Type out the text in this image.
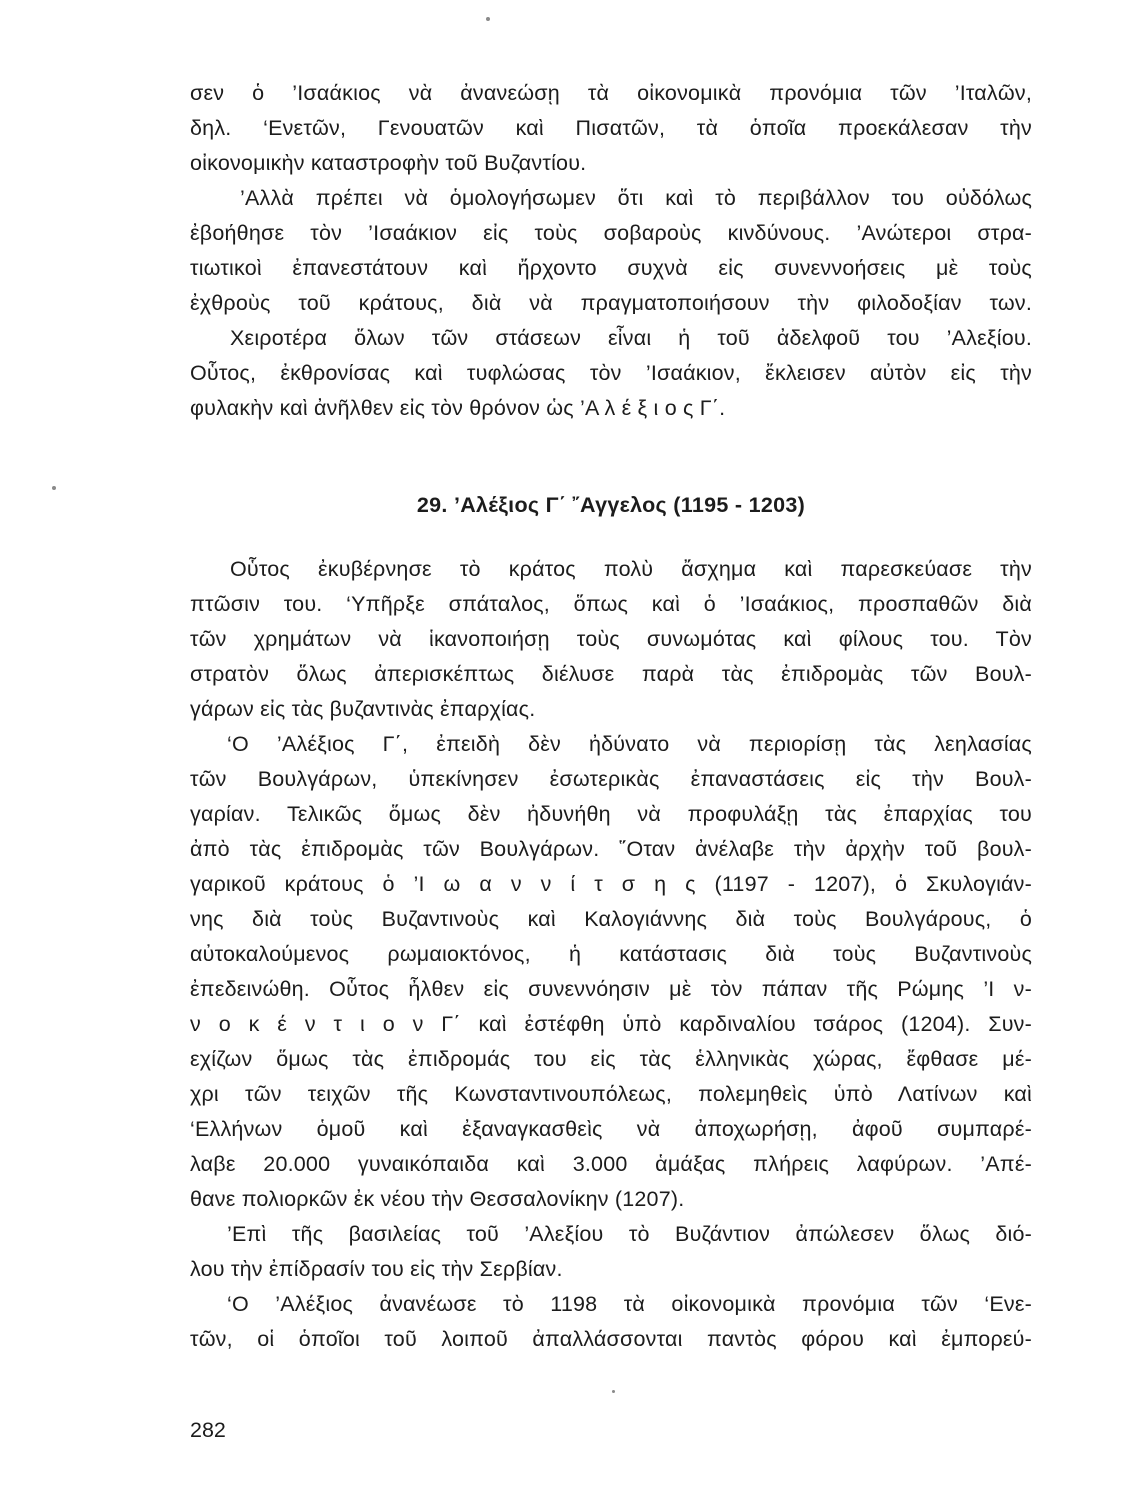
σεν ὁ ’Ισαάκιος νὰ ἀνανεώσῃ τὰ οἰκονομικὰ προνόμια τῶν ’Ιταλῶν,
δηλ. ‘Ενετῶν, Γενουατῶν καὶ Πισατῶν, τὰ ὁποῖα προεκάλεσαν τὴν
οἰκονομικὴν καταστροφὴν τοῦ Βυζαντίου.
’Αλλὰ πρέπει νὰ ὁμολογήσωμεν ὅτι καὶ τὸ περιβάλλον του οὐδόλως
ἐβοήθησε τὸν ’Ισαάκιον εἰς τοὺς σοβαροὺς κινδύνους. ’Ανώτεροι στρα-
τιωτικοὶ ἐπανεστάτουν καὶ ἤρχοντο συχνὰ εἰς συνεννοήσεις μὲ τοὺς
ἐχθροὺς τοῦ κράτους, διὰ νὰ πραγματοποιήσουν τὴν φιλοδοξίαν των.
Χειροτέρα ὅλων τῶν στάσεων εἶναι ἡ τοῦ ἀδελφοῦ του ’Αλεξίου.
Οὗτος, ἐκθρονίσας καὶ τυφλώσας τὸν ’Ισαάκιον, ἔκλεισεν αὐτὸν εἰς τὴν
φυλακὴν καὶ ἀνῆλθεν εἰς τὸν θρόνον ὡς ’Α λ έ ξ ι ο ς Γ΄.
29. ’Αλέξιος Γ΄ ῎Αγγελος (1195 - 1203)
Οὗτος ἐκυβέρνησε τὸ κράτος πολὺ ἄσχημα καὶ παρεσκεύασε τὴν
πτῶσιν του. ‘Υπῆρξε σπάταλος, ὅπως καὶ ὁ ’Ισαάκιος, προσπαθῶν διὰ
τῶν χρημάτων νὰ ἱκανοποιήσῃ τοὺς συνωμότας καὶ φίλους του. Τὸν
στρατὸν ὅλως ἀπερισκέπτως διέλυσε παρὰ τὰς ἐπιδρομὰς τῶν Βουλ-
γάρων εἰς τὰς βυζαντινὰς ἐπαρχίας.
‘Ο ’Αλέξιος Γ΄, ἐπειδὴ δὲν ἠδύνατο νὰ περιορίσῃ τὰς λεηλασίας
τῶν Βουλγάρων, ὑπεκίνησεν ἐσωτερικὰς ἐπαναστάσεις εἰς τὴν Βουλ-
γαρίαν. Τελικῶς ὅμως δὲν ἠδυνήθη νὰ προφυλάξῃ τὰς ἐπαρχίας του
ἀπὸ τὰς ἐπιδρομὰς τῶν Βουλγάρων. ῞Οταν ἀνέλαβε τὴν ἀρχὴν τοῦ βουλ-
γαρικοῦ κράτους ὁ ’Ι ω α ν ν ί τ σ η ς (1197 - 1207), ὁ Σκυλογιάν-
νης διὰ τοὺς Βυζαντινοὺς καὶ Καλογιάννης διὰ τοὺς Βουλγάρους, ὁ
αὐτοκαλούμενος ρωμαιοκτόνος, ἡ κατάστασις διὰ τοὺς Βυζαντινοὺς
ἐπεδεινώθη. Οὗτος ἦλθεν εἰς συνεννόησιν μὲ τὸν πάπαν τῆς Ρώμης ’Ι ν-
ν ο κ έ ν τ ι ο ν Γ΄ καὶ ἐστέφθη ὑπὸ καρδιναλίου τσάρος (1204). Συν-
εχίζων ὅμως τὰς ἐπιδρομάς του εἰς τὰς ἑλληνικὰς χώρας, ἔφθασε μέ-
χρι τῶν τειχῶν τῆς Κωνσταντινουπόλεως, πολεμηθεὶς ὑπὸ Λατίνων καὶ
‘Ελλήνων ὁμοῦ καὶ ἐξαναγκασθεὶς νὰ ἀποχωρήσῃ, ἀφοῦ συμπαρέ-
λαβε 20.000 γυναικόπαιδα καὶ 3.000 ἁμάξας πλήρεις λαφύρων. ’Απέ-
θανε πολιορκῶν ἐκ νέου τὴν Θεσσαλονίκην (1207).
’Επὶ τῆς βασιλείας τοῦ ’Αλεξίου τὸ Βυζάντιον ἀπώλεσεν ὅλως διό-
λου τὴν ἐπίδρασίν του εἰς τὴν Σερβίαν.
‘Ο ’Αλέξιος ἀνανέωσε τὸ 1198 τὰ οἰκονομικὰ προνόμια τῶν ‘Ενε-
τῶν, οἱ ὁποῖοι τοῦ λοιποῦ ἀπαλλάσσονται παντὸς φόρου καὶ ἐμπορεύ-
282
